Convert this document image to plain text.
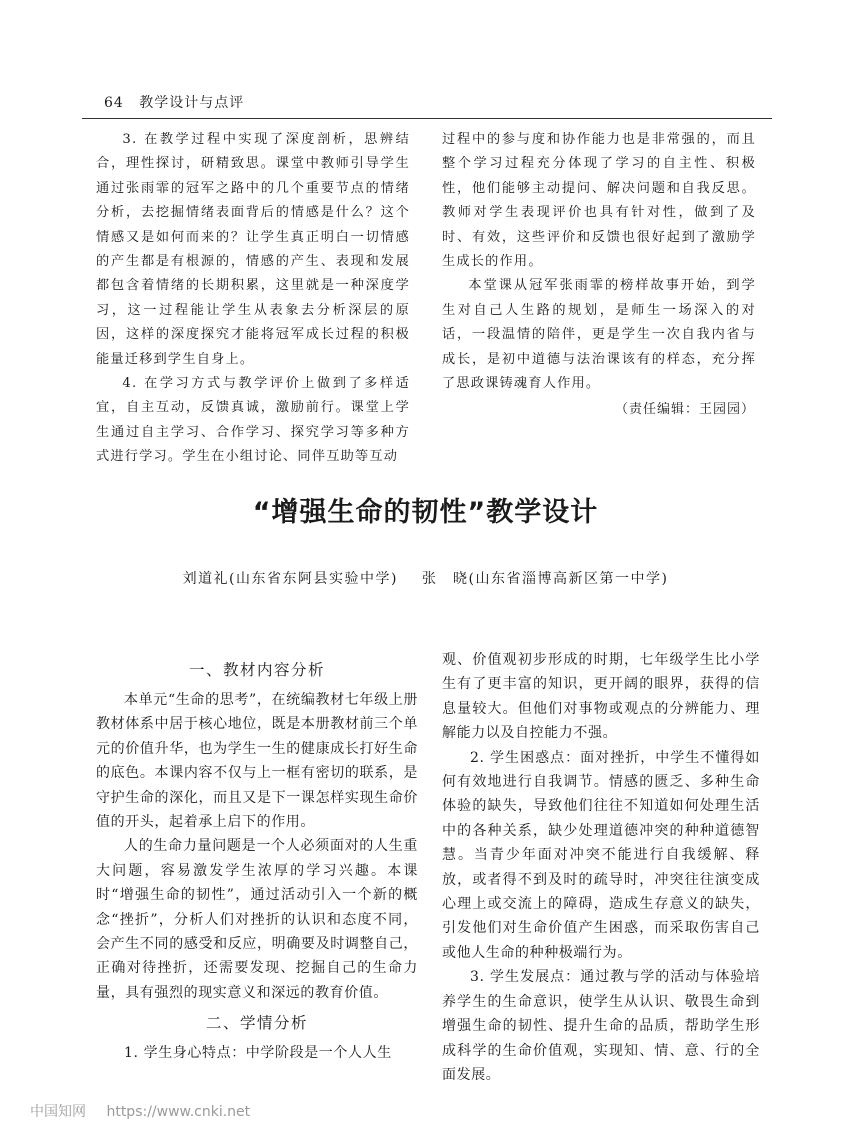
64 教学设计与点评

3. 在教学过程中实现了深度剖析，思辨结合，理性探讨，研精致思。课堂中教师引导学生通过张雨霏的冠军之路中的几个重要节点的情绪分析，去挖掘情绪表面背后的情感是什么？这个情感又是如何而来的？让学生真正明白一切情感的产生都是有根源的，情感的产生、表现和发展都包含着情绪的长期积累，这里就是一种深度学习，这一过程能让学生从表象去分析深层的原因，这样的深度探究才能将冠军成长过程的积极能量迁移到学生自身上。

4. 在学习方式与教学评价上做到了多样适宜，自主互动，反馈真诚，激励前行。课堂上学生通过自主学习、合作学习、探究学习等多种方式进行学习。学生在小组讨论、同伴互助等互动

过程中的参与度和协作能力也是非常强的，而且整个学习过程充分体现了学习的自主性、积极性，他们能够主动提问、解决问题和自我反思。教师对学生表现评价也具有针对性，做到了及时、有效，这些评价和反馈也很好起到了激励学生成长的作用。

本堂课从冠军张雨霏的榜样故事开始，到学生对自己人生路的规划，是师生一场深入的对话，一段温情的陪伴，更是学生一次自我内省与成长，是初中道德与法治课该有的样态，充分挥了思政课铸魂育人作用。

（责任编辑：王园园）
“增强生命的韧性”教学设计
刘道礼(山东省东阿县实验中学) 张　晓(山东省淄博高新区第一中学)
一、教材内容分析

本单元“生命的思考”，在统编教材七年级上册教材体系中居于核心地位，既是本册教材前三个单元的价值升华，也为学生一生的健康成长打好生命的底色。本课内容不仅与上一框有密切的联系，是守护生命的深化，而且又是下一课怎样实现生命价值的开头，起着承上启下的作用。

人的生命力量问题是一个人必须面对的人生重大问题，容易激发学生浓厚的学习兴趣。本课时“增强生命的韧性”，通过活动引入一个新的概念“挫折”，分析人们对挫折的认识和态度不同，会产生不同的感受和反应，明确要及时调整自己，正确对待挫折，还需要发现、挖掘自己的生命力量，具有强烈的现实意义和深远的教育价值。

二、学情分析

1. 学生身心特点：中学阶段是一个人人生

观、价值观初步形成的时期，七年级学生比小学生有了更丰富的知识，更开阔的眼界，获得的信息量较大。但他们对事物或观点的分辨能力、理解能力以及自控能力不强。

2. 学生困惑点：面对挫折，中学生不懂得如何有效地进行自我调节。情感的匮乏、多种生命体验的缺失，导致他们往往不知道如何处理生活中的各种关系，缺少处理道德冲突的种种道德智慧。当青少年面对冲突不能进行自我缓解、释放，或者得不到及时的疏导时，冲突往往演变成心理上或交流上的障碍，造成生存意义的缺失，引发他们对生命价值产生困惑，而采取伤害自己或他人生命的种种极端行为。

3. 学生发展点：通过教与学的活动与体验培养学生的生命意识，使学生从认识、敬畏生命到增强生命的韧性、提升生命的品质，帮助学生形成科学的生命价值观，实现知、情、意、行的全面发展。

中国知网 https://www.cnki.net
